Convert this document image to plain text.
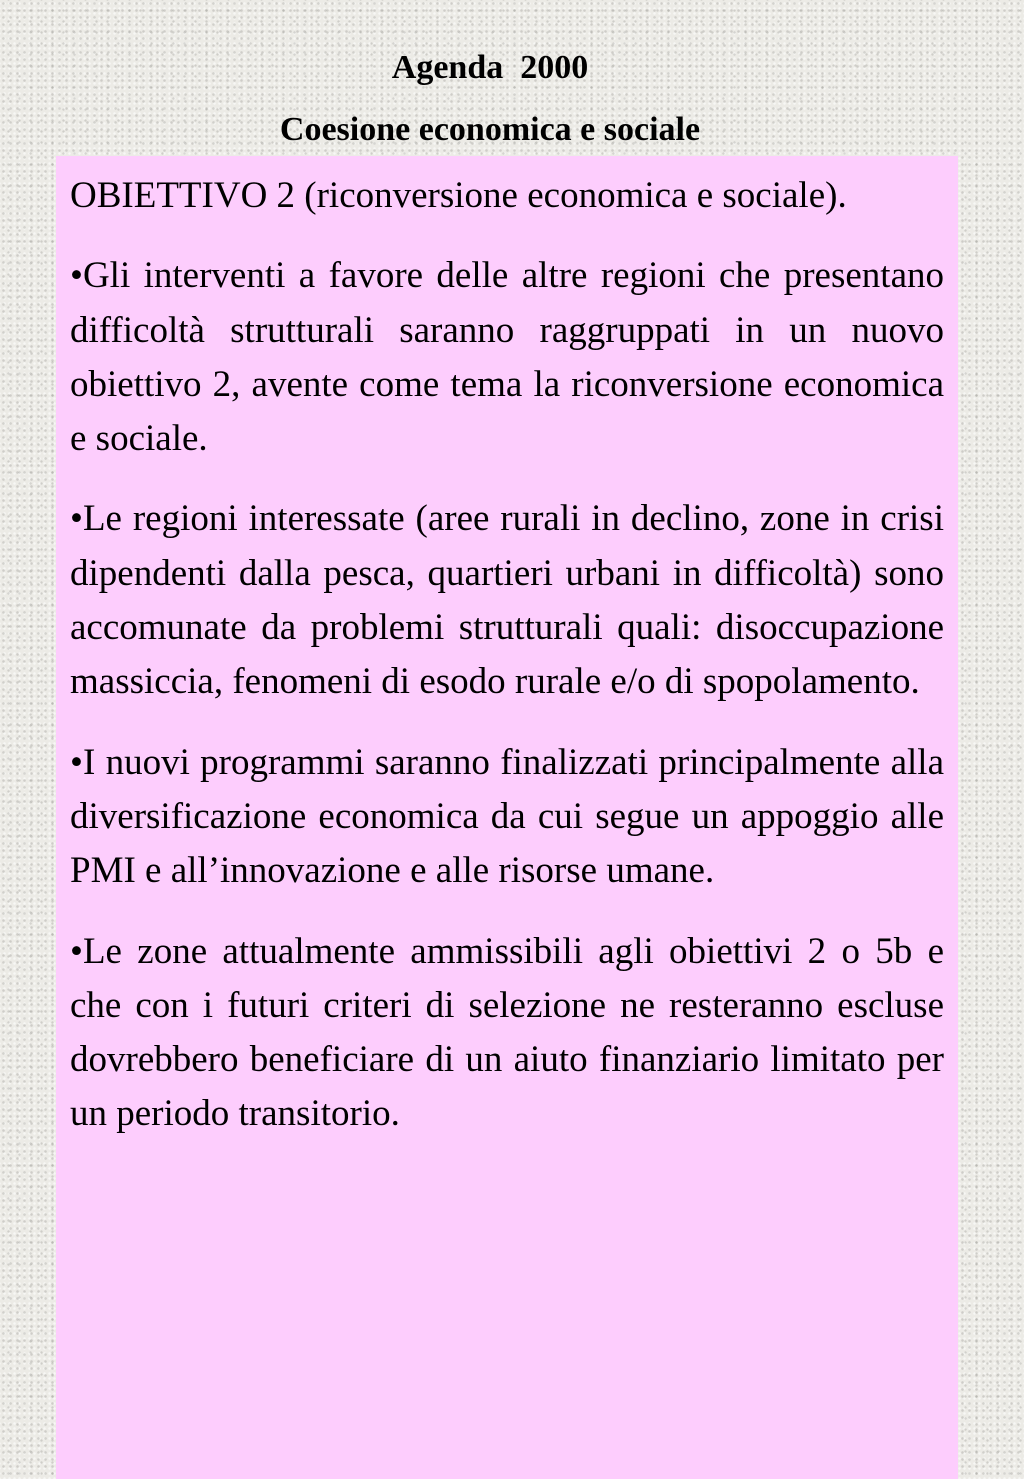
Agenda  2000
Coesione economica e sociale

OBIETTIVO 2 (riconversione economica e sociale).

•Gli interventi a favore delle altre regioni che presentano difficoltà strutturali saranno raggruppati in un nuovo obiettivo 2, avente come tema la riconversione economica e sociale.

•Le regioni interessate (aree rurali in declino, zone in crisi dipendenti dalla pesca, quartieri urbani in difficoltà) sono accomunate da problemi strutturali quali: disoccupazione massiccia, fenomeni di esodo rurale e/o di spopolamento.

•I nuovi programmi saranno finalizzati principalmente alla diversificazione economica da cui segue un appoggio alle PMI e all’innovazione e alle risorse umane.

•Le zone attualmente ammissibili agli obiettivi 2 o 5b e che con i futuri criteri di selezione ne resteranno escluse dovrebbero beneficiare di un aiuto finanziario limitato per un periodo transitorio.
